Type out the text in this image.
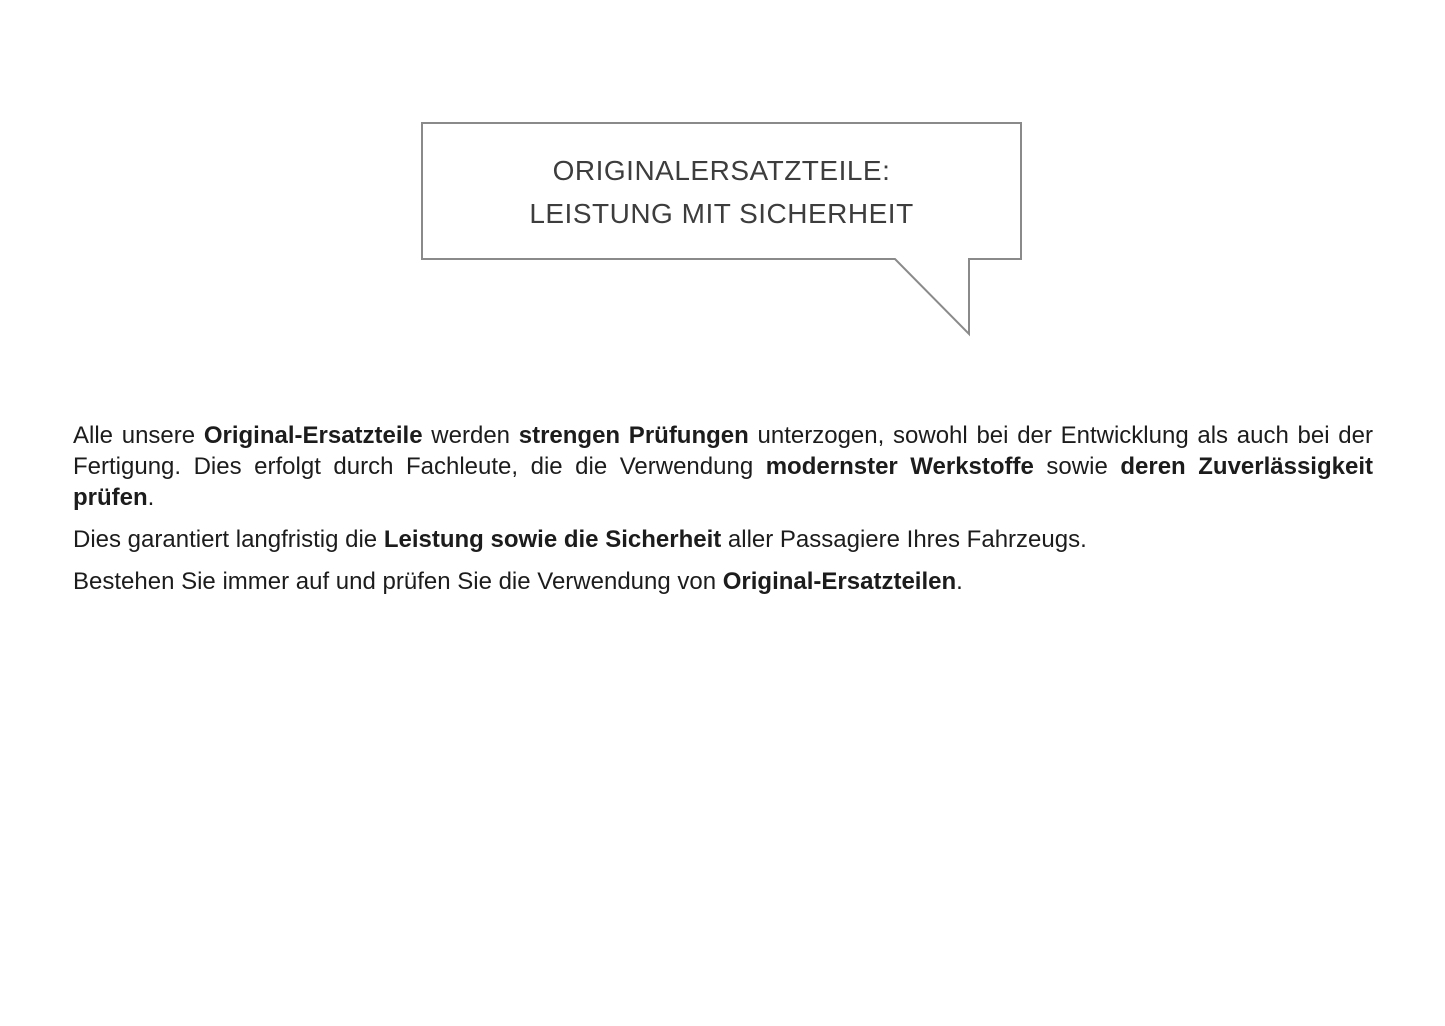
ORIGINALERSATZTEILE:
LEISTUNG MIT SICHERHEIT

Alle unsere Original-Ersatzteile werden strengen Prüfungen unterzogen, sowohl bei der Entwicklung als auch bei der Fertigung. Dies erfolgt durch Fachleute, die die Verwendung modernster Werkstoffe sowie deren Zuverlässigkeit prüfen.

Dies garantiert langfristig die Leistung sowie die Sicherheit aller Passagiere Ihres Fahrzeugs.

Bestehen Sie immer auf und prüfen Sie die Verwendung von Original-Ersatzteilen.
